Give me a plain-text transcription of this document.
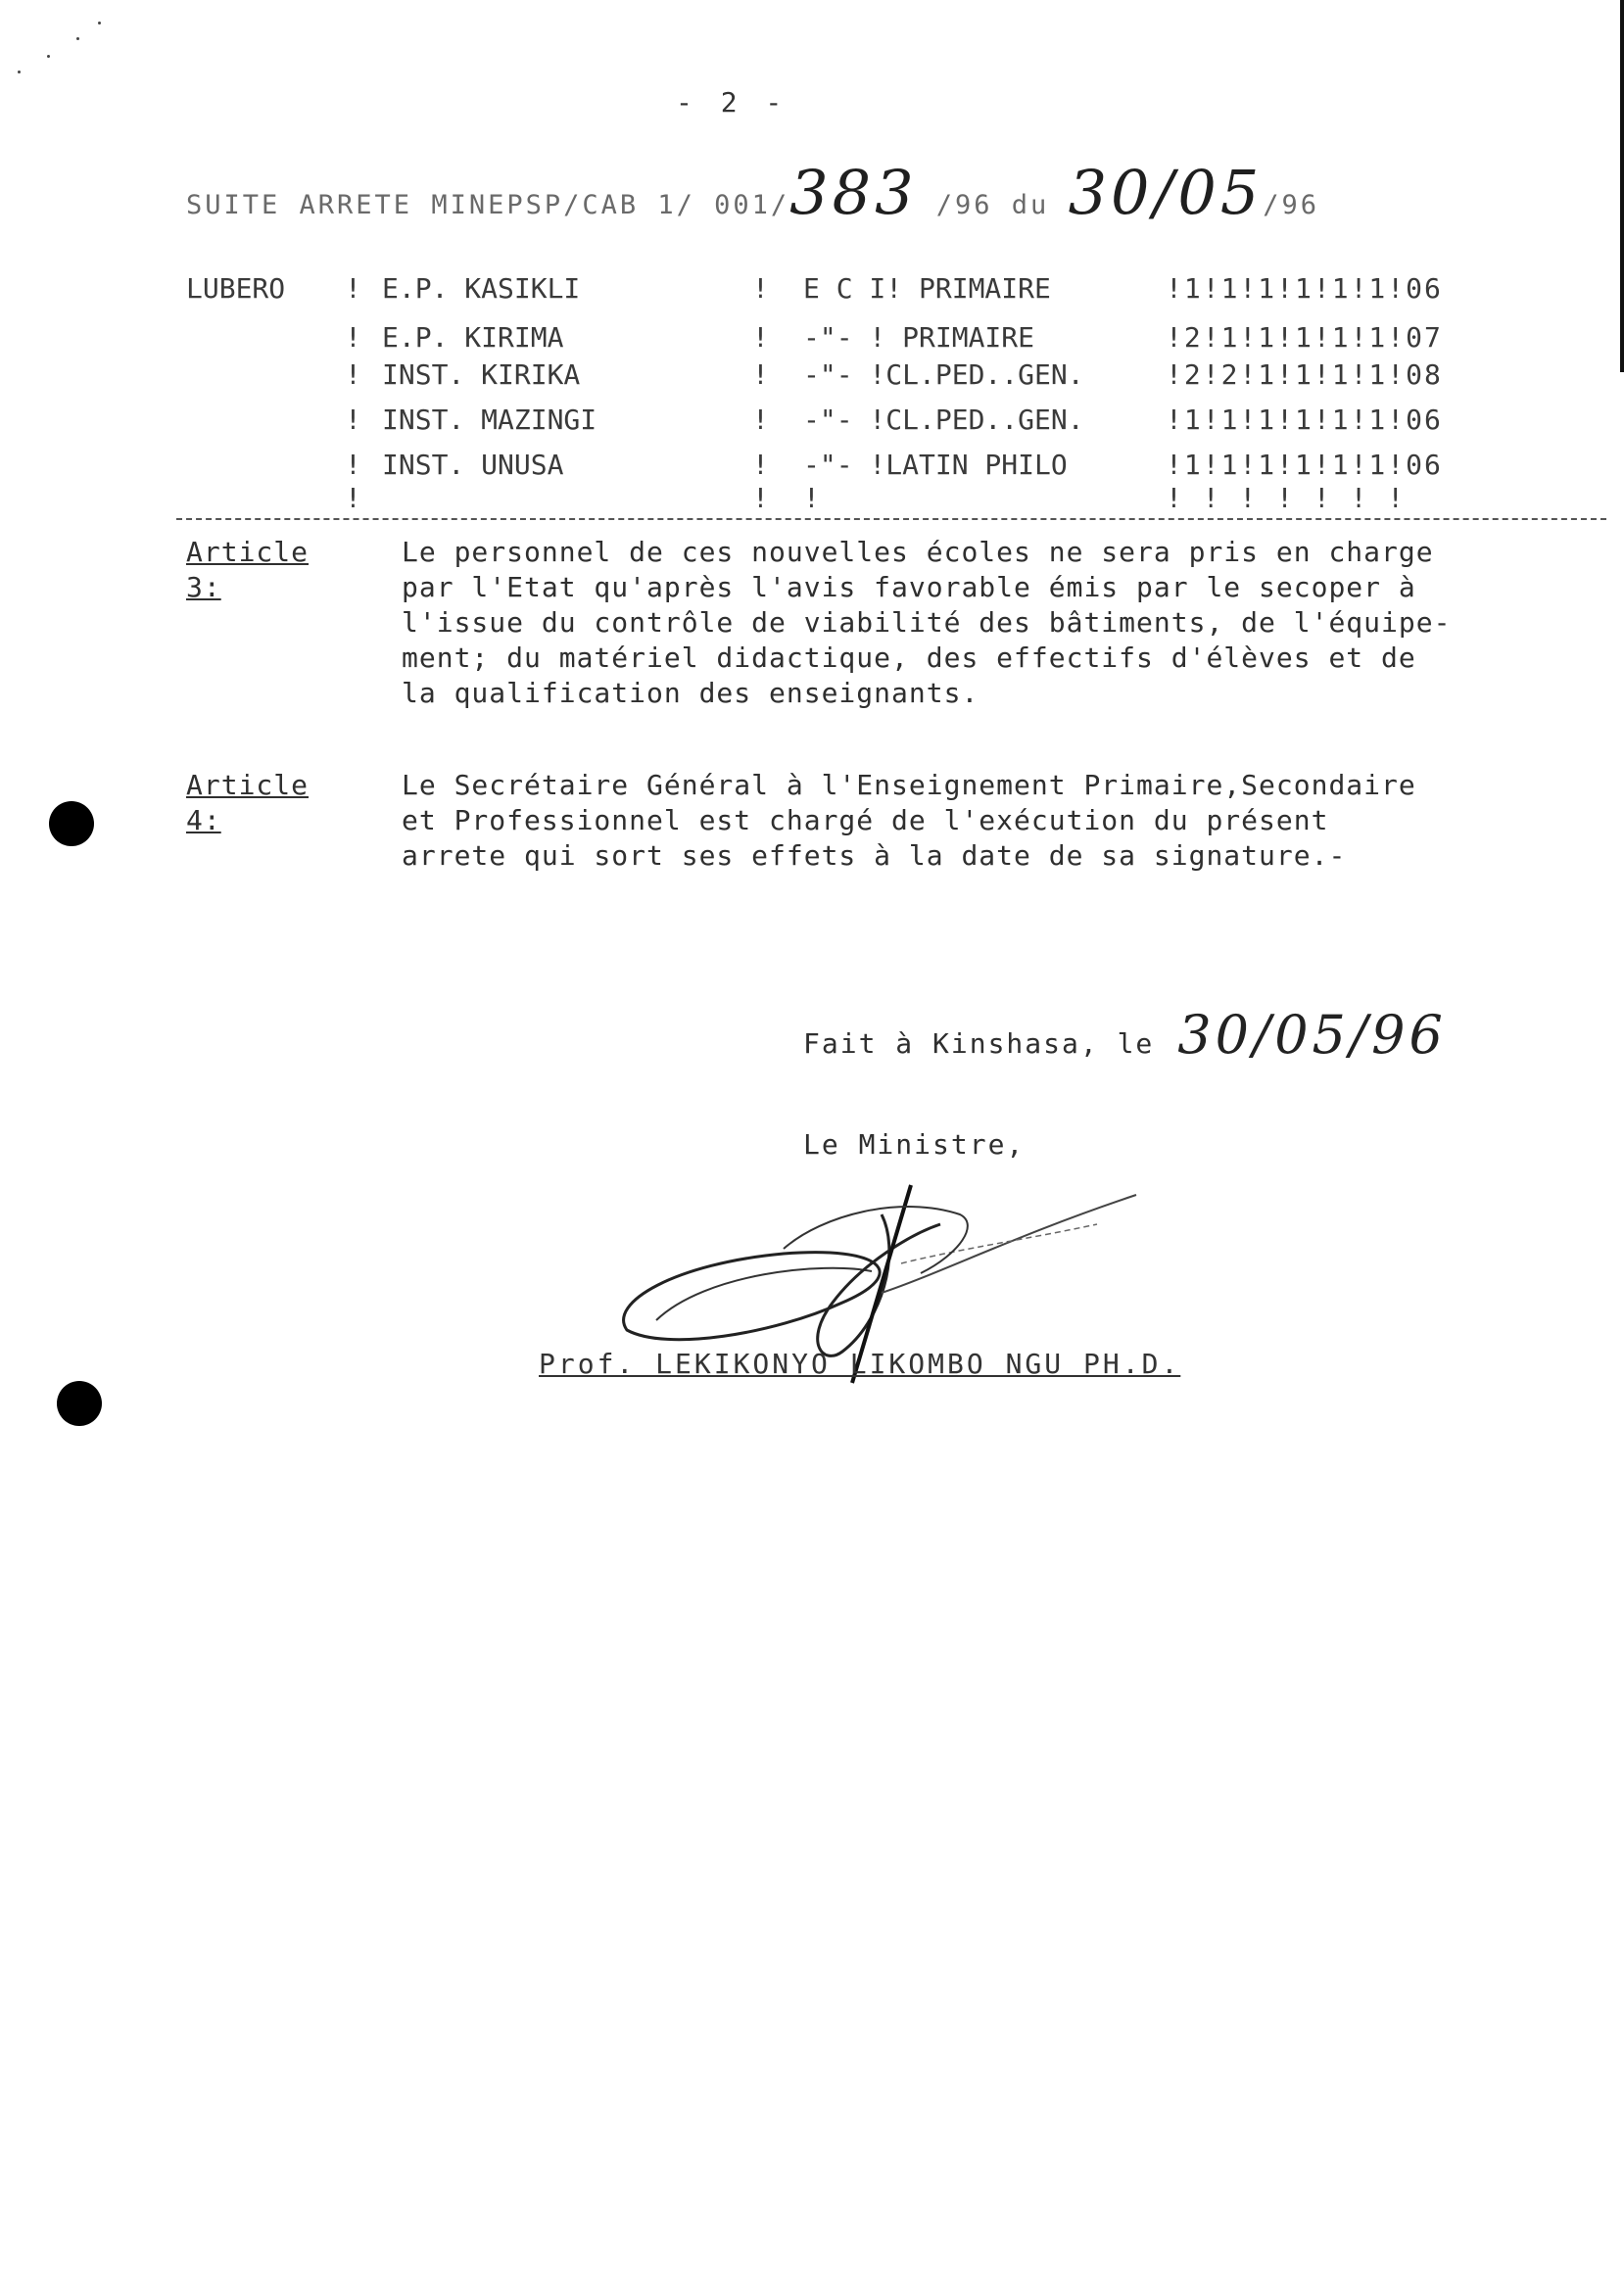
- 2 -
SUITE ARRETE MINEPSP/CAB 1/ 001/383 /96 du 30/05/96
LUBERO ! E.P. KASIKLI	! E C I! PRIMAIRE	!1!1!1!1!1!1!06
! E.P. KIRIMA	! -"- ! PRIMAIRE	!2!1!1!1!1!1!07
! INST. KIRIKA	! -"- !CL.PED..GEN.	!2!2!1!1!1!1!08
! INST. MAZINGI	! -"- !CL.PED..GEN.	!1!1!1!1!1!1!06
! INST. UNUSA	! -"- !LATIN PHILO	!1!1!1!1!1!1!06
!	! !	! ! ! ! ! ! !
Article 3:
Le personnel de ces nouvelles écoles ne sera pris en charge
par l'Etat qu'après l'avis favorable émis par le secoper à
l'issue du contrôle de viabilité des bâtiments, de l'équipe-
ment; du matériel didactique, des effectifs d'élèves et de
la qualification des enseignants.
Article 4:
Le Secrétaire Général à l'Enseignement Primaire,Secondaire
et Professionnel est chargé de l'exécution du présent
arrete qui sort ses effets à la date de sa signature.-
Fait à Kinshasa, le 30/05/96
Le Ministre,
Prof. LEKIKONYO LIKOMBO NGU PH.D.
